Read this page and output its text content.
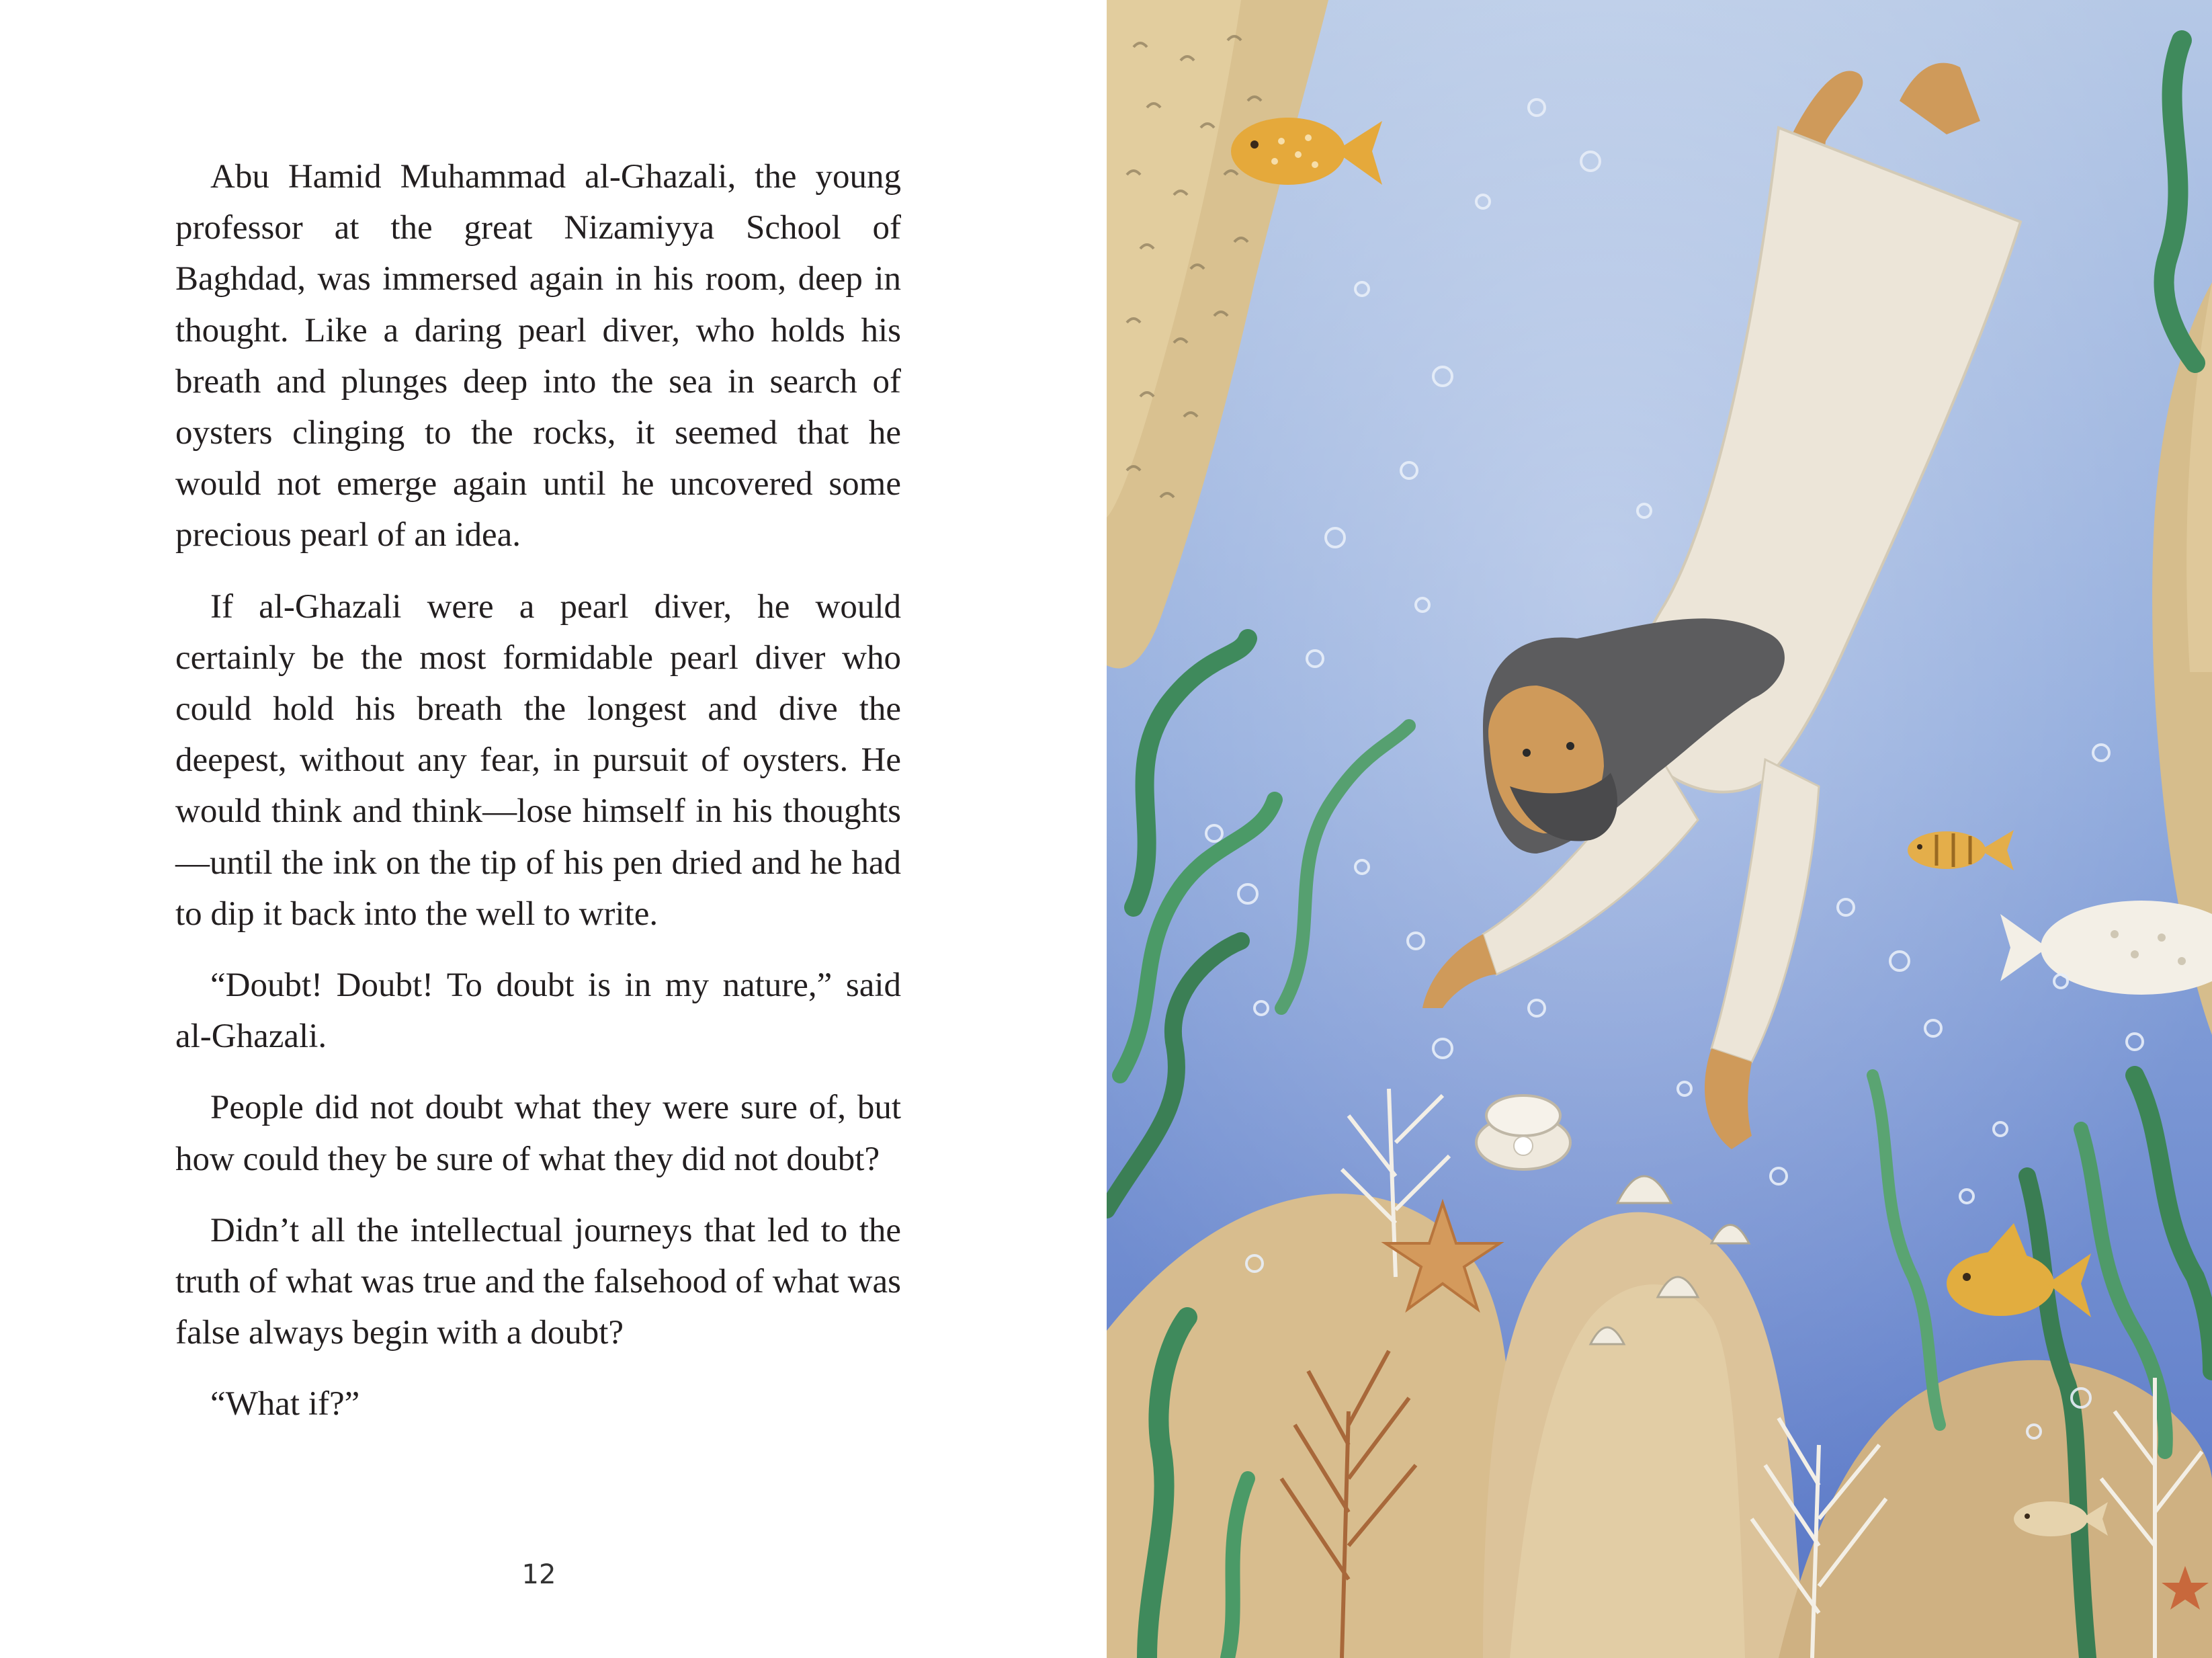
Abu Hamid Muhammad al-Ghazali, the young professor at the great Nizamiyya School of Baghdad, was immersed again in his room, deep in thought. Like a daring pearl diver, who holds his breath and plunges deep into the sea in search of oysters clinging to the rocks, it seemed that he would not emerge again until he uncovered some precious pearl of an idea.

If al-Ghazali were a pearl diver, he would certainly be the most formidable pearl diver who could hold his breath the longest and dive the deepest, without any fear, in pursuit of oysters. He would think and think—lose himself in his thoughts—until the ink on the tip of his pen dried and he had to dip it back into the well to write.

“Doubt! Doubt! To doubt is in my nature,” said al-Ghazali.

People did not doubt what they were sure of, but how could they be sure of what they did not doubt?

Didn’t all the intellectual journeys that led to the truth of what was true and the falsehood of what was false always begin with a doubt?

“What if?”

12
